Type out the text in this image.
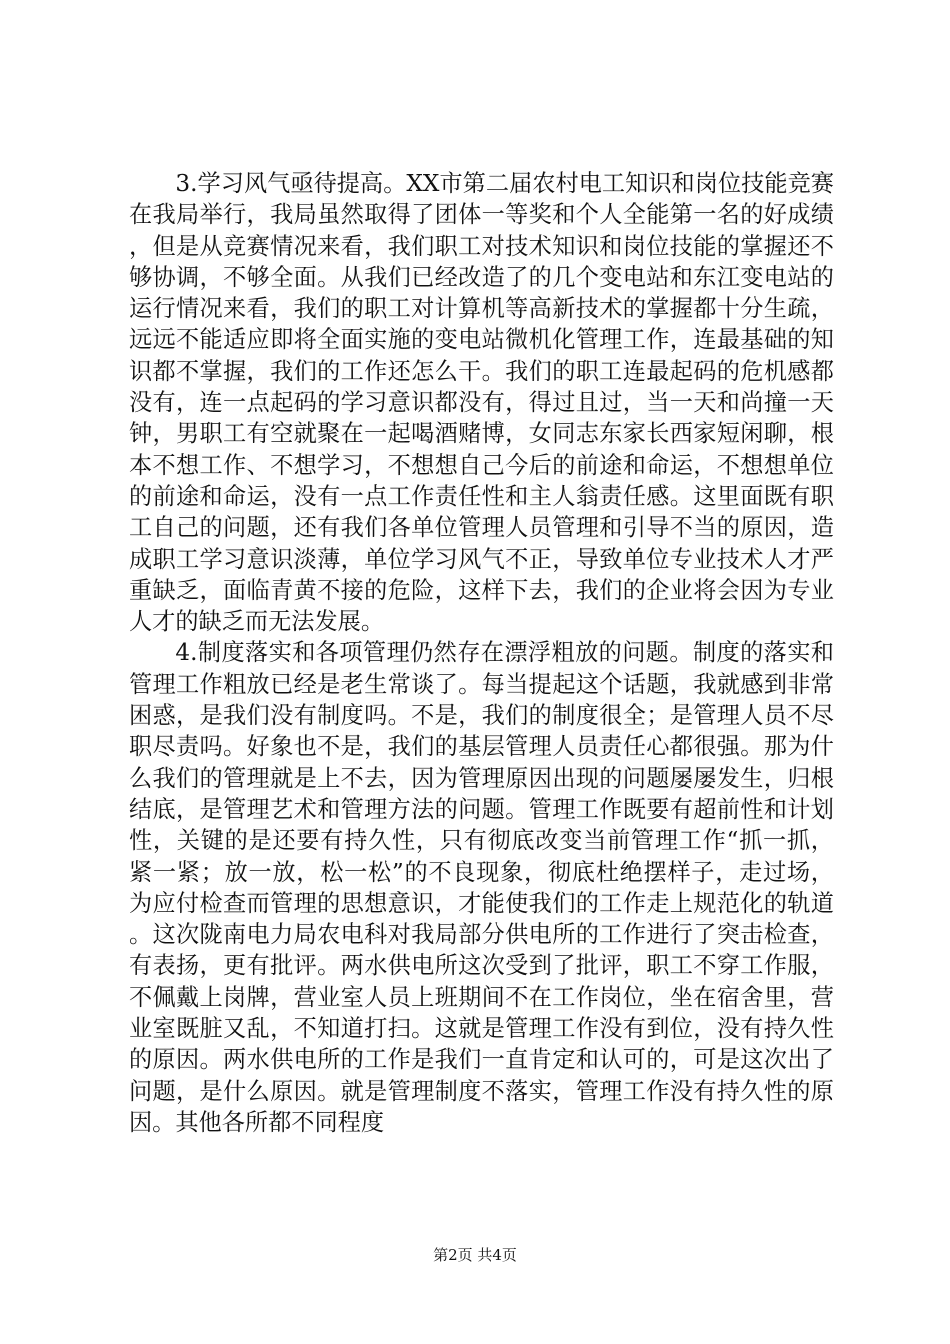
3.学习风气亟待提高。XX市第二届农村电工知识和岗位技能竞赛在我局举行，我局虽然取得了团体一等奖和个人全能第一名的好成绩，但是从竞赛情况来看，我们职工对技术知识和岗位技能的掌握还不够协调，不够全面。从我们已经改造了的几个变电站和东江变电站的运行情况来看，我们的职工对计算机等高新技术的掌握都十分生疏，远远不能适应即将全面实施的变电站微机化管理工作，连最基础的知识都不掌握，我们的工作还怎么干。我们的职工连最起码的危机感都没有，连一点起码的学习意识都没有，得过且过，当一天和尚撞一天钟，男职工有空就聚在一起喝酒赌博，女同志东家长西家短闲聊，根本不想工作、不想学习，不想想自己今后的前途和命运，不想想单位的前途和命运，没有一点工作责任性和主人翁责任感。这里面既有职工自己的问题，还有我们各单位管理人员管理和引导不当的原因，造成职工学习意识淡薄，单位学习风气不正，导致单位专业技术人才严重缺乏，面临青黄不接的危险，这样下去，我们的企业将会因为专业人才的缺乏而无法发展。

4.制度落实和各项管理仍然存在漂浮粗放的问题。制度的落实和管理工作粗放已经是老生常谈了。每当提起这个话题，我就感到非常困惑，是我们没有制度吗。不是，我们的制度很全；是管理人员不尽职尽责吗。好象也不是，我们的基层管理人员责任心都很强。那为什么我们的管理就是上不去，因为管理原因出现的问题屡屡发生，归根结底，是管理艺术和管理方法的问题。管理工作既要有超前性和计划性，关键的是还要有持久性，只有彻底改变当前管理工作“抓一抓，紧一紧；放一放，松一松”的不良现象，彻底杜绝摆样子，走过场，为应付检查而管理的思想意识，才能使我们的工作走上规范化的轨道。这次陇南电力局农电科对我局部分供电所的工作进行了突击检查，有表扬，更有批评。两水供电所这次受到了批评，职工不穿工作服，不佩戴上岗牌，营业室人员上班期间不在工作岗位，坐在宿舍里，营业室既脏又乱，不知道打扫。这就是管理工作没有到位，没有持久性的原因。两水供电所的工作是我们一直肯定和认可的，可是这次出了问题，是什么原因。就是管理制度不落实，管理工作没有持久性的原因。其他各所都不同程度

第2页 共4页
